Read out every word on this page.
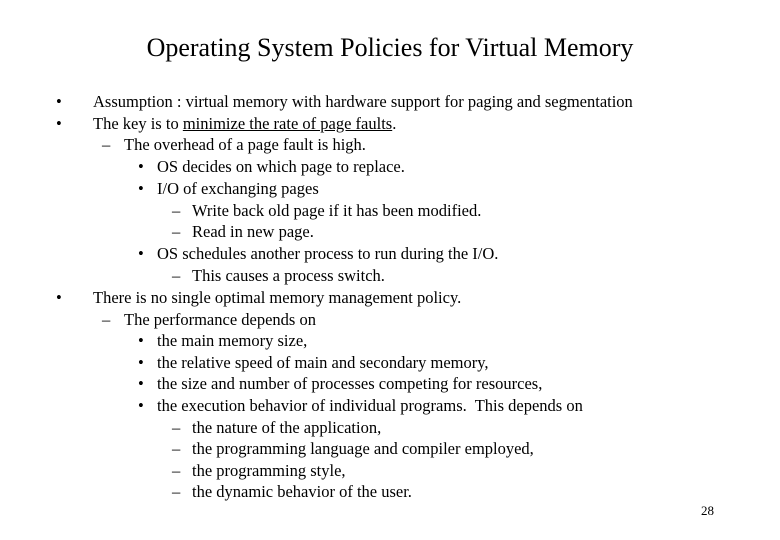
Operating System Policies for Virtual Memory
• Assumption : virtual memory with hardware support for paging and segmentation
• The key is to minimize the rate of page faults.
– The overhead of a page fault is high.
• OS decides on which page to replace.
• I/O of exchanging pages
– Write back old page if it has been modified.
– Read in new page.
• OS schedules another process to run during the I/O.
– This causes a process switch.
• There is no single optimal memory management policy.
– The performance depends on
• the main memory size,
• the relative speed of main and secondary memory,
• the size and number of processes competing for resources,
• the execution behavior of individual programs.  This depends on
– the nature of the application,
– the programming language and compiler employed,
– the programming style,
– the dynamic behavior of the user.
28
